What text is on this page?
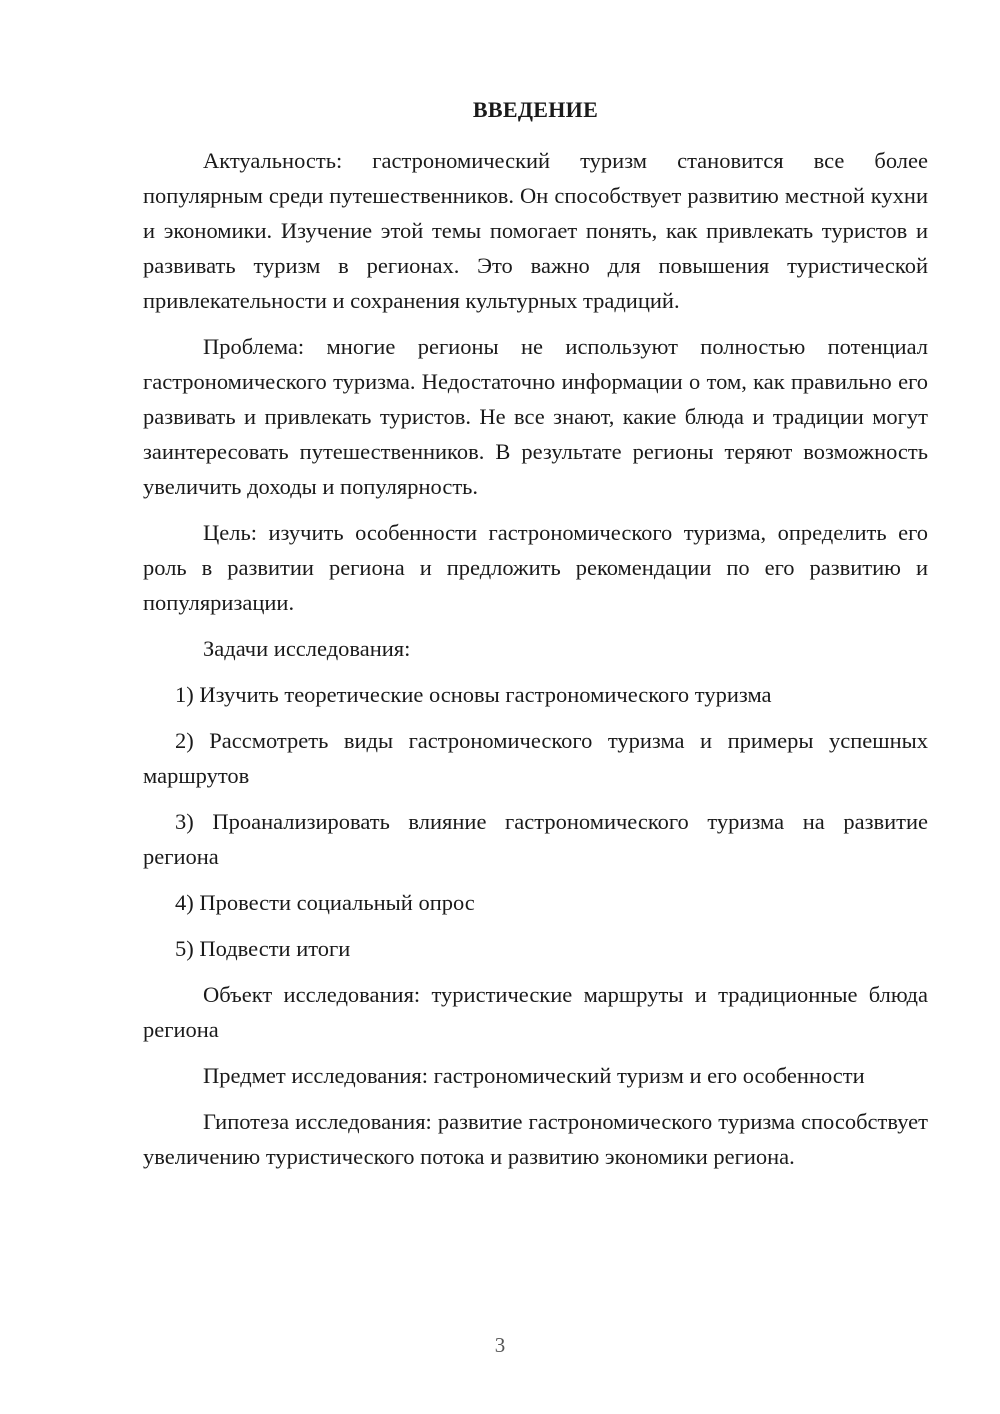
ВВЕДЕНИЕ

Актуальность: гастрономический туризм становится все более популярным среди путешественников. Он способствует развитию местной кухни и экономики. Изучение этой темы помогает понять, как привлекать туристов и развивать туризм в регионах. Это важно для повышения туристической привлекательности и сохранения культурных традиций.

Проблема: многие регионы не используют полностью потенциал гастрономического туризма. Недостаточно информации о том, как правильно его развивать и привлекать туристов. Не все знают, какие блюда и традиции могут заинтересовать путешественников. В результате регионы теряют возможность увеличить доходы и популярность.

Цель: изучить особенности гастрономического туризма, определить его роль в развитии региона и предложить рекомендации по его развитию и популяризации.

Задачи исследования:

1) Изучить теоретические основы гастрономического туризма

2) Рассмотреть виды гастрономического туризма и примеры успешных маршрутов

3) Проанализировать влияние гастрономического туризма на развитие региона

4) Провести социальный опрос

5) Подвести итоги

Объект исследования: туристические маршруты и традиционные блюда региона

Предмет исследования: гастрономический туризм и его особенности

Гипотеза исследования: развитие гастрономического туризма способствует увеличению туристического потока и развитию экономики региона.

3
